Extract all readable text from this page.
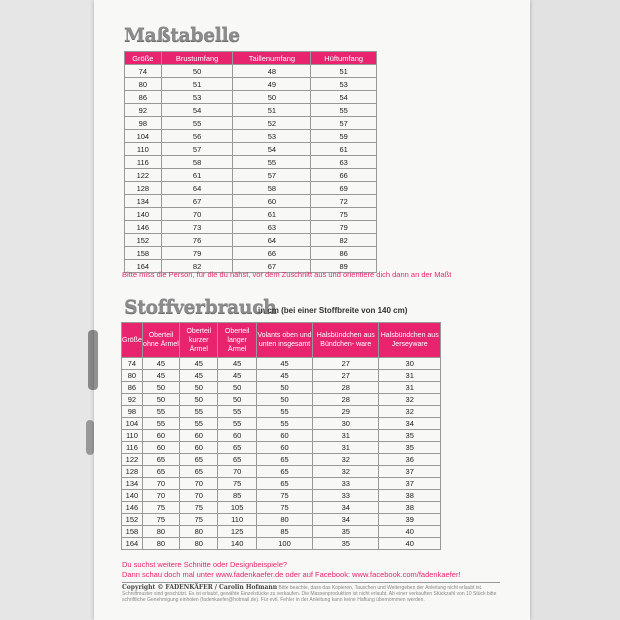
Maßtabelle
Größe	Brustumfang	Taillenumfang	Hüftumfang
74	50	48	51
80	51	49	53
86	53	50	54
92	54	51	55
98	55	52	57
104	56	53	59
110	57	54	61
116	58	55	63
122	61	57	66
128	64	58	69
134	67	60	72
140	70	61	75
146	73	63	79
152	76	64	82
158	79	66	86
164	82	67	89
Bitte miss die Person, für die du nähst, vor dem Zuschnitt aus und orientiere dich dann an der Maßt
Stoffverbrauch
in cm (bei einer Stoffbreite von 140 cm)
Größe	Oberteil ohne Ärmel	Oberteil kurzer Ärmel	Oberteil langer Ärmel	Volants oben und unten insgesamt	Halsbündchen aus Bündchen- ware	Halsbündchen aus Jerseyware
74	45	45	45	45	27	30
80	45	45	45	45	27	31
86	50	50	50	50	28	31
92	50	50	50	50	28	32
98	55	55	55	55	29	32
104	55	55	55	55	30	34
110	60	60	60	60	31	35
116	60	60	65	60	31	35
122	65	65	65	65	32	36
128	65	65	70	65	32	37
134	70	70	75	65	33	37
140	70	70	85	75	33	38
146	75	75	105	75	34	38
152	75	75	110	80	34	39
158	80	80	125	85	35	40
164	80	80	140	100	35	40
Du suchst weitere Schnitte oder Designbeispiele?
Dann schau doch mal unter www.fadenkaefer.de oder auf Facebook: www.facebook.com/fadenkaefer!
Copyright © FADENKÄFER / Carolin Hofmann Bitte beachte, dass das Kopieren, Tauschen und Weitergeben der Anleitung nicht erlaubt ist. Schnittmuster sind geschützt. Es ist erlaubt, gewähte Einzelstücke zu verkaufen. Die Massenproduktion ist nicht erlaubt. Ab einer verkauften Stückzahl von 10 Stück bitte schriftliche Genehmigung einholen (fadenkaefer@hotmail.de). Für evtl. Fehler in der Anleitung kann keine Haftung übernommen werden.
